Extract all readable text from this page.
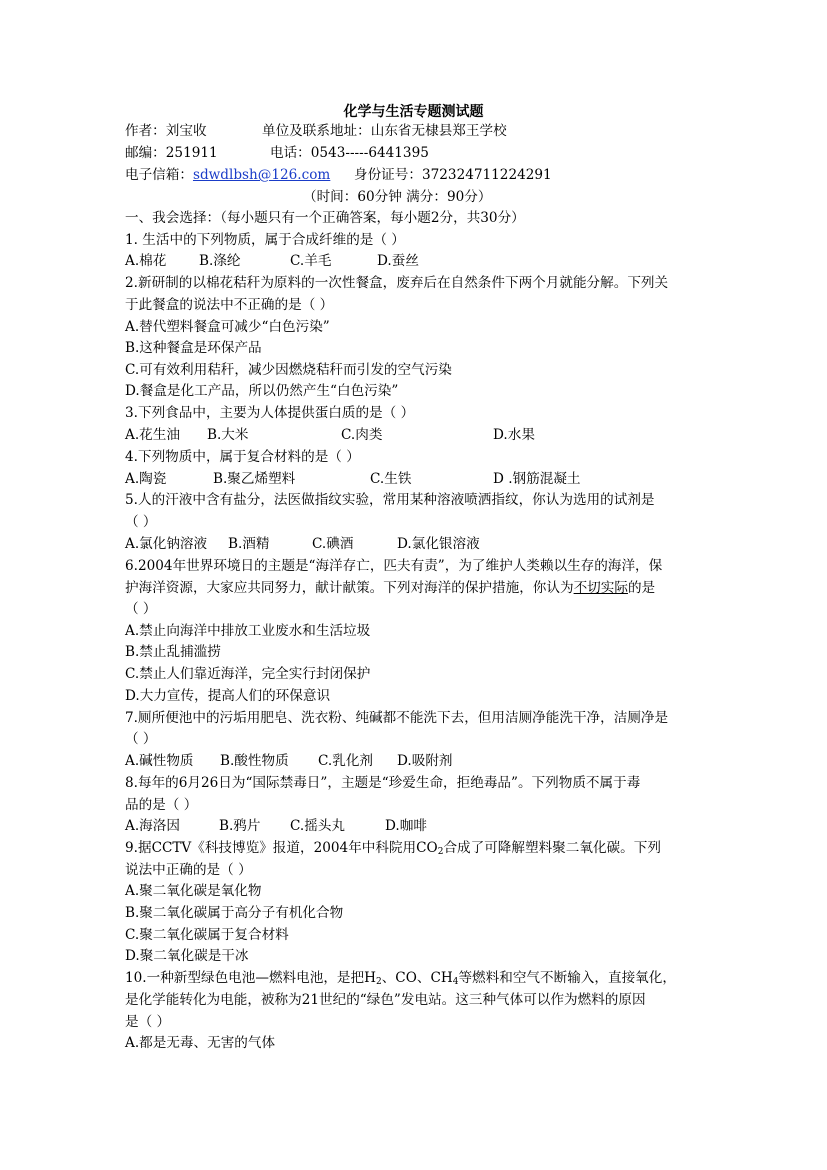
化学与生活专题测试题
作者：刘宝收	单位及联系地址：山东省无棣县郑王学校
邮编：251911	电话：0543-----6441395
电子信箱：sdwdlbsh@126.com 身份证号：372324711224291
（时间：60分钟 满分：90分）
一、我会选择：（每小题只有一个正确答案，每小题2分，共30分）
1. 生活中的下列物质，属于合成纤维的是（ ）
A.棉花 B.涤纶	C.羊毛	D.蚕丝
2.新研制的以棉花秸秆为原料的一次性餐盒，废弃后在自然条件下两个月就能分解。下列关
于此餐盒的说法中不正确的是（ ）
A.替代塑料餐盒可减少“白色污染”
B.这种餐盒是环保产品
C.可有效利用秸秆，减少因燃烧秸秆而引发的空气污染
D.餐盒是化工产品，所以仍然产生“白色污染”
3.下列食品中，主要为人体提供蛋白质的是（ ）
A.花生油 B.大米	C.肉类	D.水果
4.下列物质中，属于复合材料的是（ ）
A.陶瓷	B.聚乙烯塑料	C.生铁	D .钢筋混凝土
5.人的汗液中含有盐分，法医做指纹实验，常用某种溶液喷洒指纹，你认为选用的试剂是
（ ）
A.氯化钠溶液 B.酒精	C.碘酒	D.氯化银溶液
6.2004年世界环境日的主题是“海洋存亡，匹夫有责”，为了维护人类赖以生存的海洋，保
护海洋资源，大家应共同努力，献计献策。下列对海洋的保护措施，你认为不切实际的是
（ ）
A.禁止向海洋中排放工业废水和生活垃圾
B.禁止乱捕滥捞
C.禁止人们靠近海洋，完全实行封闭保护
D.大力宣传，提高人们的环保意识
7.厕所便池中的污垢用肥皂、洗衣粉、纯碱都不能洗下去，但用洁厕净能洗干净，洁厕净是
（ ）
A.碱性物质 B.酸性物质 C.乳化剂 D.吸附剂
8.每年的6月26日为“国际禁毒日”，主题是“珍爱生命，拒绝毒品”。下列物质不属于毒
品的是（ ）
A.海洛因	B.鸦片 C.摇头丸	D.咖啡
9.据CCTV《科技博览》报道，2004年中科院用$CO_2$合成了可降解塑料聚二氧化碳。下列
说法中正确的是（ ）
A.聚二氧化碳是氧化物
B.聚二氧化碳属于高分子有机化合物
C.聚二氧化碳属于复合材料
D.聚二氧化碳是干冰
10.一种新型绿色电池—燃料电池，是把$H_2$、CO、$CH_4$等燃料和空气不断输入，直接氧化，
是化学能转化为电能，被称为21世纪的“绿色”发电站。这三种气体可以作为燃料的原因
是（ ）
A.都是无毒、无害的气体
